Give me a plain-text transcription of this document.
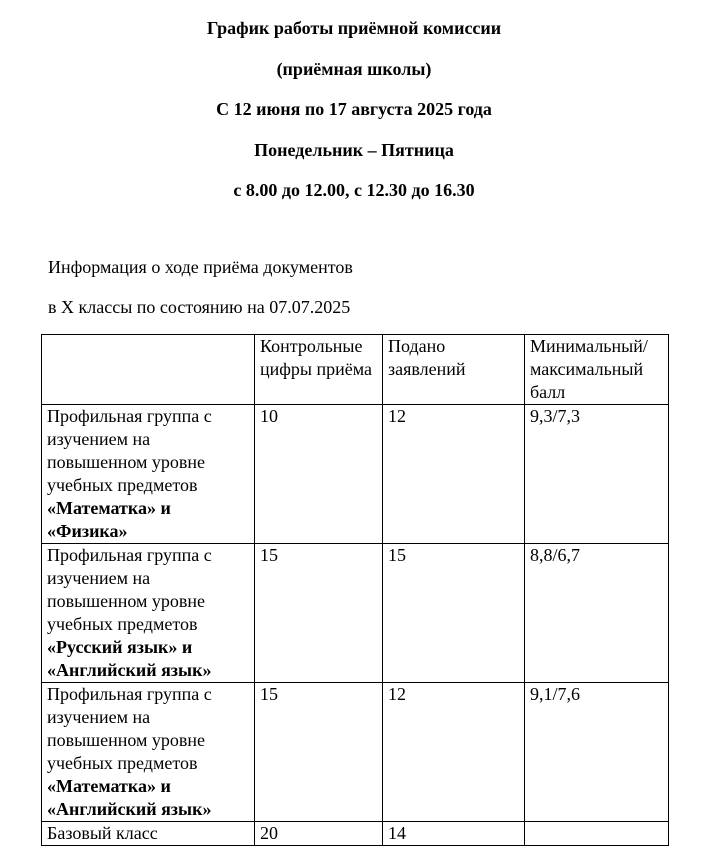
График работы приёмной комиссии

(приёмная школы)

С 12 июня по 17 августа 2025 года

Понедельник – Пятница

с 8.00 до 12.00, с 12.30 до 16.30

Информация о ходе приёма документов

в Х классы по состоянию на 07.07.2025

	Контрольные цифры приёма	Подано заявлений	Минимальный/ максимальный балл
Профильная группа с изучением на повышенном уровне учебных предметов «Математка» и «Физика»	10	12	9,3/7,3
Профильная группа с изучением на повышенном уровне учебных предметов «Русский язык» и «Английский язык»	15	15	8,8/6,7
Профильная группа с изучением на повышенном уровне учебных предметов «Математка» и «Английский язык»	15	12	9,1/7,6
Базовый класс	20	14	
